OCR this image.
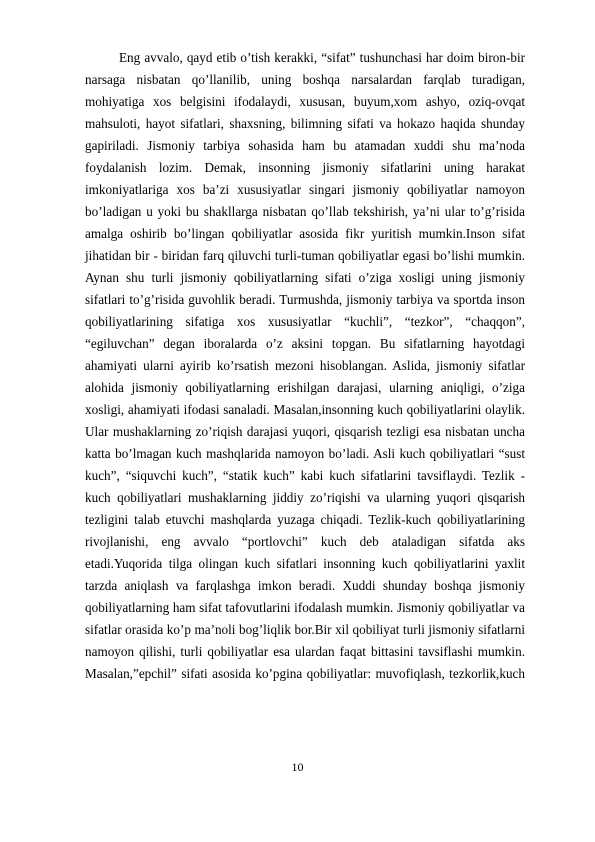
Eng avvalo, qayd etib o’tish kerakki, “sifat” tushunchasi har doim biron-bir
narsaga nisbatan qo’llanilib, uning boshqa narsalardan farqlab turadigan,
mohiyatiga xos belgisini ifodalaydi, xususan, buyum,xom ashyo, oziq-ovqat
mahsuloti, hayot sifatlari, shaxsning, bilimning sifati va hokazo haqida shunday
gapiriladi. Jismoniy tarbiya sohasida ham bu atamadan xuddi shu ma’noda
foydalanish lozim. Demak, insonning jismoniy sifatlarini uning harakat
imkoniyatlariga xos ba’zi xususiyatlar singari jismoniy qobiliyatlar namoyon
bo’ladigan u yoki bu shakllarga nisbatan qo’llab tekshirish, ya’ni ular to’g’risida
amalga oshirib bo’lingan qobiliyatlar asosida fikr yuritish mumkin.Inson sifat
jihatidan bir - biridan farq qiluvchi turli-tuman qobiliyatlar egasi bo’lishi mumkin.
Aynan shu turli jismoniy qobiliyatlarning sifati o’ziga xosligi uning jismoniy
sifatlari to’g’risida guvohlik beradi. Turmushda, jismoniy tarbiya va sportda inson
qobiliyatlarining sifatiga xos xususiyatlar “kuchli”, “tezkor”, “chaqqon”,
“egiluvchan” degan iboralarda o’z aksini topgan. Bu sifatlarning hayotdagi
ahamiyati ularni ayirib ko’rsatish mezoni hisoblangan. Aslida, jismoniy sifatlar
alohida jismoniy qobiliyatlarning erishilgan darajasi, ularning aniqligi, o’ziga
xosligi, ahamiyati ifodasi sanaladi. Masalan,insonning kuch qobiliyatlarini olaylik.
Ular mushaklarning zo’riqish darajasi yuqori, qisqarish tezligi esa nisbatan uncha
katta bo’lmagan kuch mashqlarida namoyon bo’ladi. Asli kuch qobiliyatlari “sust
kuch”, “siquvchi kuch”, “statik kuch” kabi kuch sifatlarini tavsiflaydi. Tezlik -
kuch qobiliyatlari mushaklarning jiddiy zo’riqishi va ularning yuqori qisqarish
tezligini talab etuvchi mashqlarda yuzaga chiqadi. Tezlik-kuch qobiliyatlarining
rivojlanishi, eng avvalo “portlovchi” kuch deb ataladigan sifatda aks
etadi.Yuqorida tilga olingan kuch sifatlari insonning kuch qobiliyatlarini yaxlit
tarzda aniqlash va farqlashga imkon beradi. Xuddi shunday boshqa jismoniy
qobiliyatlarning ham sifat tafovutlarini ifodalash mumkin. Jismoniy qobiliyatlar va
sifatlar orasida ko’p ma’noli bog’liqlik bor.Bir xil qobiliyat turli jismoniy sifatlarni
namoyon qilishi, turli qobiliyatlar esa ulardan faqat bittasini tavsiflashi mumkin.
Masalan,”epchil” sifati asosida ko’pgina qobiliyatlar: muvofiqlash, tezkorlik,kuch
10
